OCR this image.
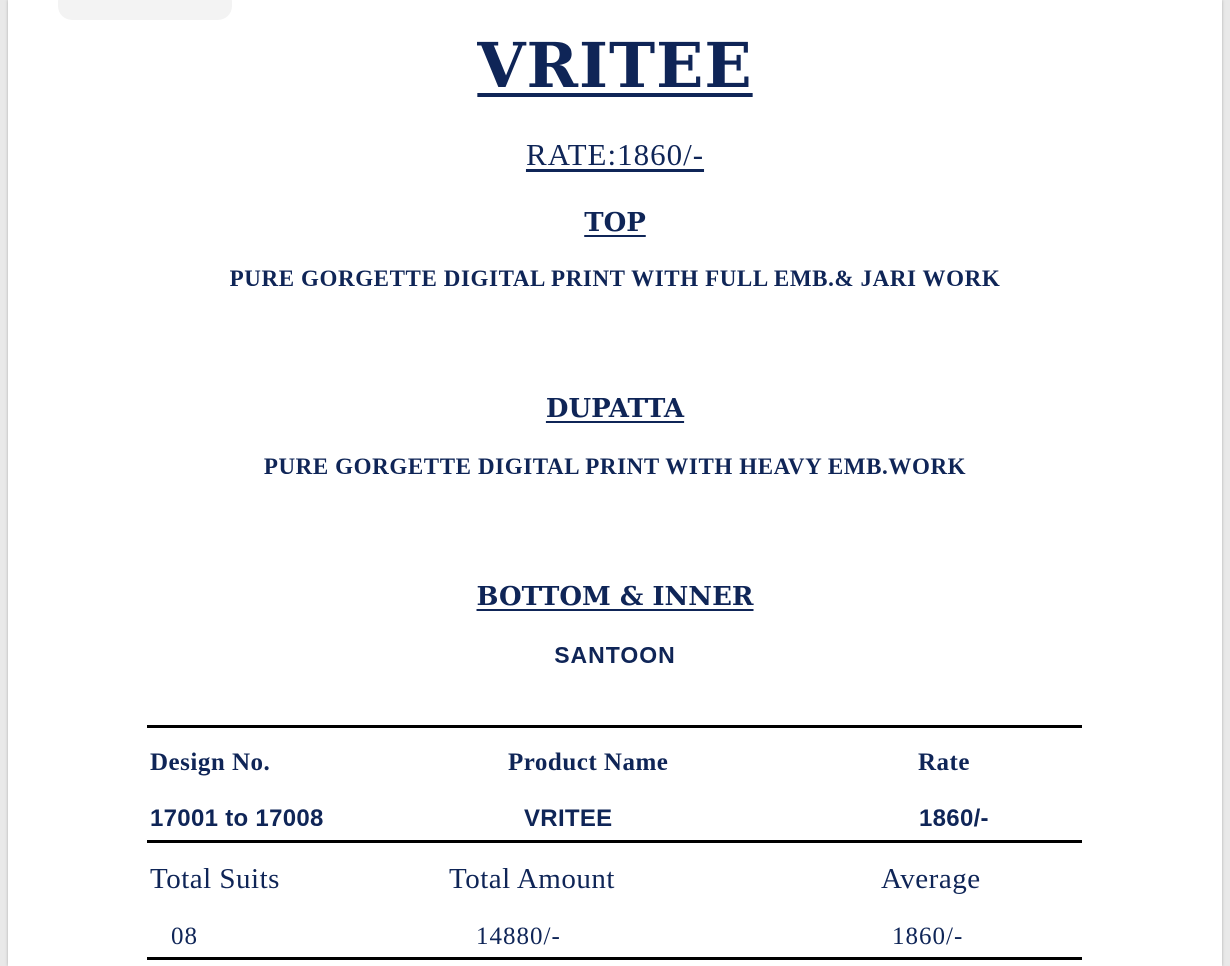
VRITEE
RATE:1860/-
TOP
PURE GORGETTE DIGITAL PRINT WITH FULL EMB.& JARI WORK
DUPATTA
PURE GORGETTE DIGITAL PRINT WITH HEAVY EMB.WORK
BOTTOM & INNER
SANTOON
Design No.	Product Name	Rate
17001 to 17008	VRITEE	1860/-
Total Suits	Total Amount	Average
08	14880/-	1860/-
